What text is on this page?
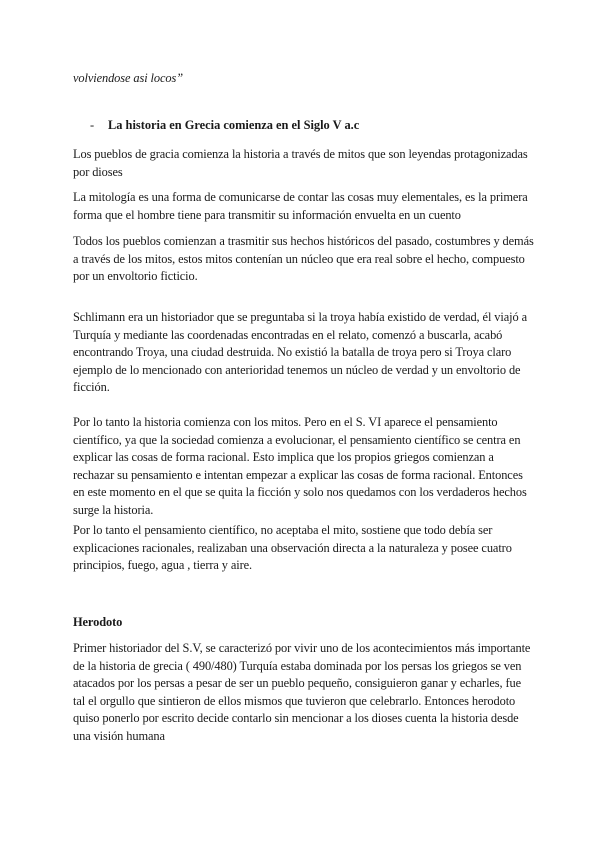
volviendose asi locos”

- La historia en Grecia comienza en el Siglo V a.c

Los pueblos de gracia comienza la historia a través de mitos que son leyendas protagonizadas por dioses

La mitología es una forma de comunicarse de contar las cosas muy elementales, es la primera forma que el hombre tiene para transmitir su información envuelta en un cuento

Todos los pueblos comienzan a trasmitir sus hechos históricos del pasado, costumbres y demás a través de los mitos, estos mitos contenían un núcleo que era real sobre el hecho, compuesto por un envoltorio ficticio.

Schlimann era un historiador que se preguntaba si la troya había existido de verdad, él viajó a Turquía y mediante las coordenadas encontradas en el relato, comenzó a buscarla, acabó encontrando Troya, una ciudad destruida. No existió la batalla de troya pero si Troya claro ejemplo de lo mencionado con anterioridad tenemos un núcleo de verdad y un envoltorio de ficción.

Por lo tanto la historia comienza con los mitos. Pero en el S. VI aparece el pensamiento científico, ya que la sociedad comienza a evolucionar, el pensamiento científico se centra en explicar las cosas de forma racional. Esto implica que los propios griegos comienzan a rechazar su pensamiento e intentan empezar a explicar las cosas de forma racional. Entonces en este momento en el que se quita la ficción y solo nos quedamos con los verdaderos hechos surge la historia.

Por lo tanto el pensamiento científico, no aceptaba el mito, sostiene que todo debía ser explicaciones racionales, realizaban una observación directa a la naturaleza y posee cuatro principios, fuego, agua , tierra y aire.

Herodoto

Primer historiador del S.V, se caracterizó por vivir uno de los acontecimientos más importante de la historia de grecia ( 490/480) Turquía estaba dominada por los persas los griegos se ven atacados por los persas a pesar de ser un pueblo pequeño, consiguieron ganar y echarles, fue tal el orgullo que sintieron de ellos mismos que tuvieron que celebrarlo. Entonces herodoto quiso ponerlo por escrito decide contarlo sin mencionar a los dioses cuenta la historia desde una visión humana
